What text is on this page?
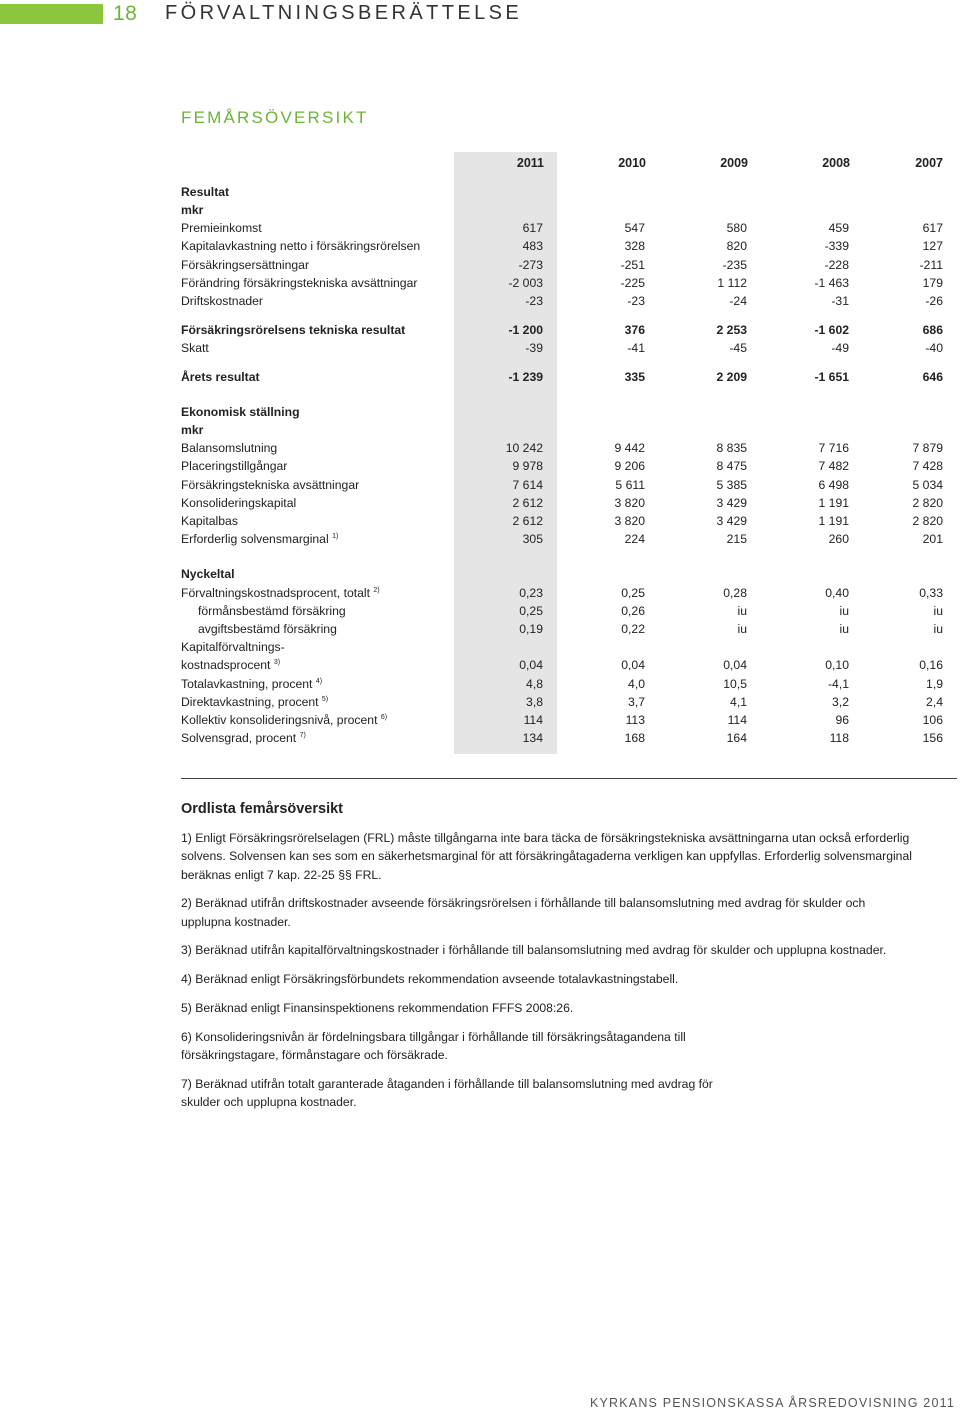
18 FÖRVALTNINGSBERÄTTELSE
FEMÅRSÖVERSIKT
	2011	2010	2009	2008	2007

Resultat					
mkr					
Premieinkomst	617	547	580	459	617
Kapitalavkastning netto i försäkringsrörelsen	483	328	820	-339	127
Försäkringsersättningar	-273	-251	-235	-228	-211
Förändring försäkringstekniska avsättningar	-2 003	-225	1 112	-1 463	179
Driftskostnader	-23	-23	-24	-31	-26

Försäkringsrörelsens tekniska resultat	-1 200	376	2 253	-1 602	686
Skatt	-39	-41	-45	-49	-40

Årets resultat	-1 239	335	2 209	-1 651	646

Ekonomisk ställning					
mkr					
Balansomslutning	10 242	9 442	8 835	7 716	7 879
Placeringstillgångar	9 978	9 206	8 475	7 482	7 428
Försäkringstekniska avsättningar	7 614	5 611	5 385	6 498	5 034
Konsolideringskapital	2 612	3 820	3 429	1 191	2 820
Kapitalbas	2 612	3 820	3 429	1 191	2 820
Erforderlig solvensmarginal $^{1)}$	305	224	215	260	201

Nyckeltal					
Förvaltningskostnadsprocent, totalt $^{2)}$	0,23	0,25	0,28	0,40	0,33
förmånsbestämd försäkring	0,25	0,26	iu	iu	iu
avgiftsbestämd försäkring	0,19	0,22	iu	iu	iu
Kapitalförvaltnings-					
kostnadsprocent $^{3)}$	0,04	0,04	0,04	0,10	0,16
Totalavkastning, procent $^{4)}$	4,8	4,0	10,5	-4,1	1,9
Direktavkastning, procent $^{5)}$	3,8	3,7	4,1	3,2	2,4
Kollektiv konsolideringsnivå, procent $^{6)}$	114	113	114	96	106
Solvensgrad, procent $^{7)}$	134	168	164	118	156
Ordlista femårsöversikt

1) Enligt Försäkringsrörelselagen (FRL) måste tillgångarna inte bara täcka de försäkringstekniska avsättningarna utan också erforderlig solvens. Solvensen kan ses som en säkerhetsmarginal för att försäkringåtagaderna verkligen kan uppfyllas. Erforderlig solvensmarginal beräknas enligt 7 kap. 22-25 §§ FRL.

2) Beräknad utifrån driftskostnader avseende försäkringsrörelsen i förhållande till balansomslutning med avdrag för skulder och upplupna kostnader.

3) Beräknad utifrån kapitalförvaltningskostnader i förhållande till balansomslutning med avdrag för skulder och upplupna kostnader.

4) Beräknad enligt Försäkringsförbundets rekommendation avseende totalavkastningstabell.

5) Beräknad enligt Finansinspektionens rekommendation FFFS 2008:26.

6) Konsolideringsnivån är fördelningsbara tillgångar i förhållande till försäkringsåtagandena till försäkringstagare, förmånstagare och försäkrade.

7) Beräknad utifrån totalt garanterade åtaganden i förhållande till balansomslutning med avdrag för skulder och upplupna kostnader.

KYRKANS PENSIONSKASSA ÅRSREDOVISNING 2011
